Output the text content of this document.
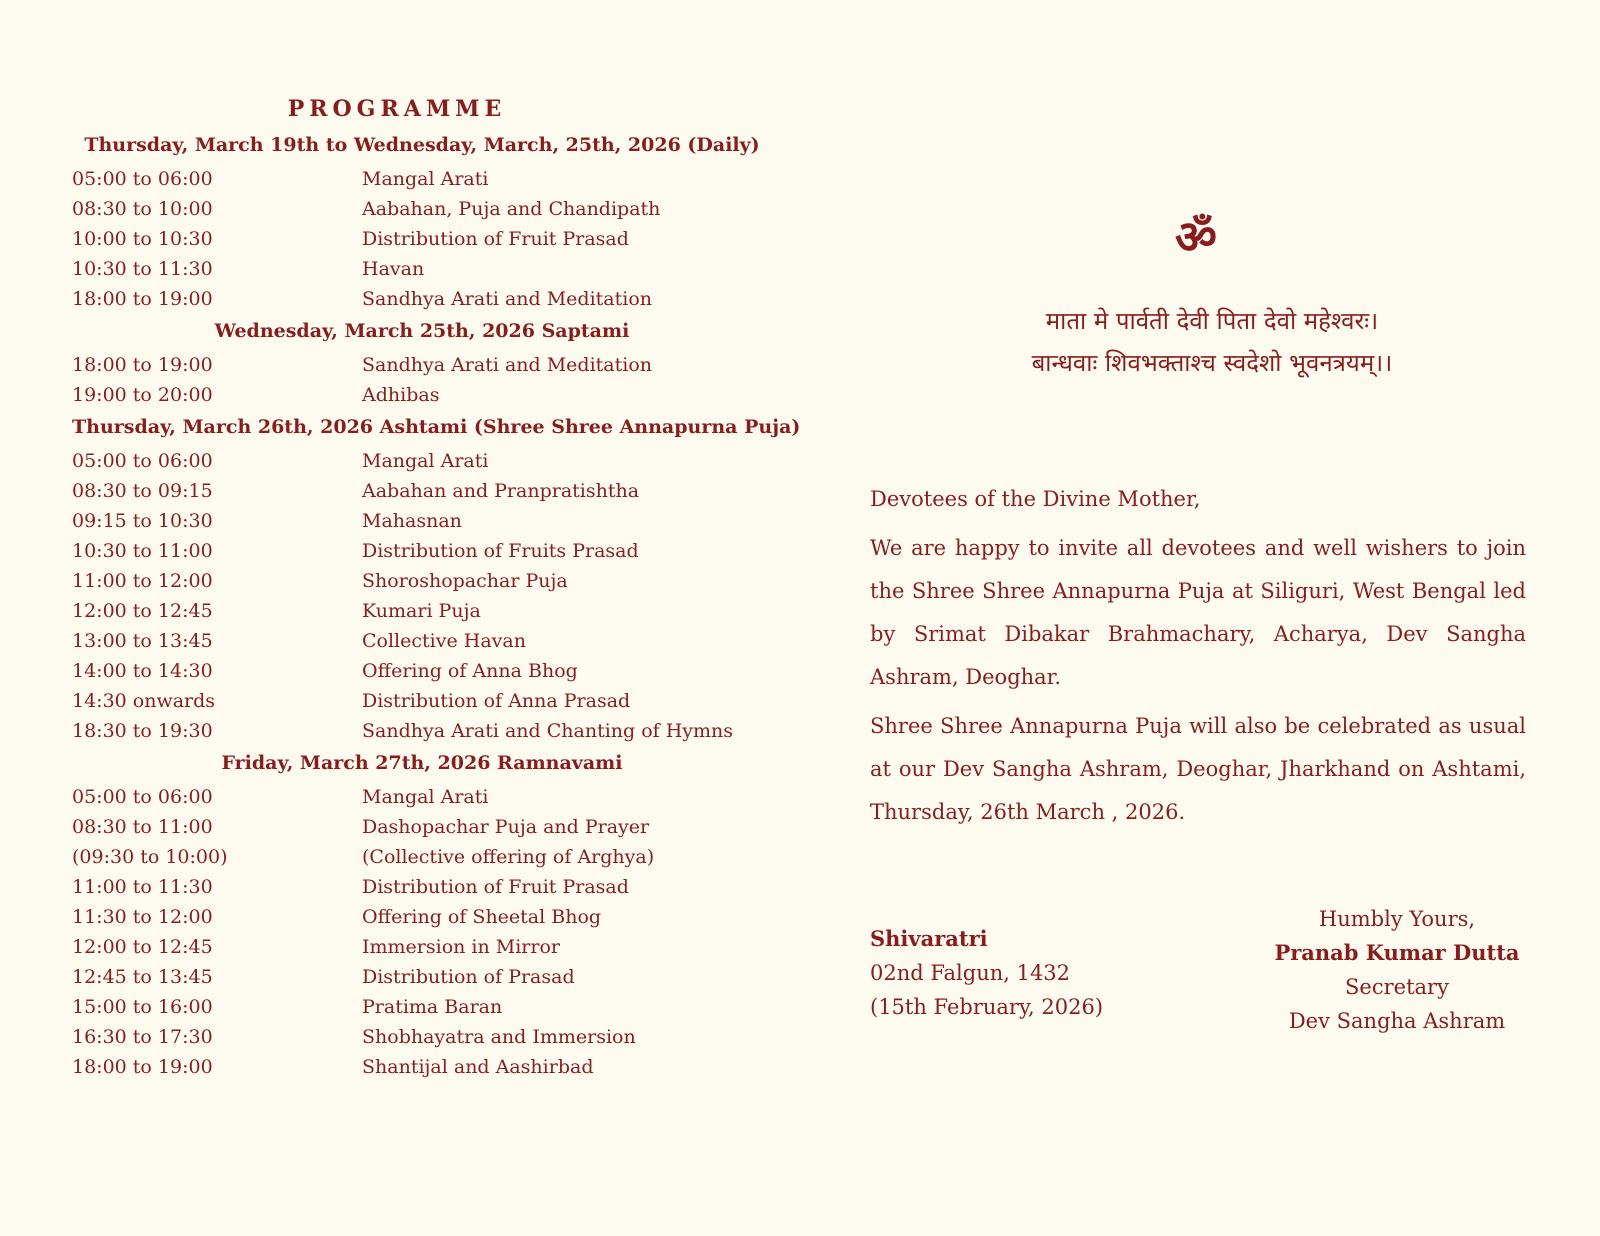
PROGRAMME
Thursday, March 19th to Wednesday, March, 25th, 2026 (Daily)
05:00 to 06:00	Mangal Arati
08:30 to 10:00	Aabahan, Puja and Chandipath
10:00 to 10:30	Distribution of Fruit Prasad
10:30 to 11:30	Havan
18:00 to 19:00	Sandhya Arati and Meditation
Wednesday, March 25th, 2026 Saptami
18:00 to 19:00	Sandhya Arati and Meditation
19:00 to 20:00	Adhibas
Thursday, March 26th, 2026 Ashtami (Shree Shree Annapurna Puja)
05:00 to 06:00	Mangal Arati
08:30 to 09:15	Aabahan and Pranpratishtha
09:15 to 10:30	Mahasnan
10:30 to 11:00	Distribution of Fruits Prasad
11:00 to 12:00	Shoroshopachar Puja
12:00 to 12:45	Kumari Puja
13:00 to 13:45	Collective Havan
14:00 to 14:30	Offering of Anna Bhog
14:30 onwards	Distribution of Anna Prasad
18:30 to 19:30	Sandhya Arati and Chanting of Hymns
Friday, March 27th, 2026 Ramnavami
05:00 to 06:00	Mangal Arati
08:30 to 11:00	Dashopachar Puja and Prayer
(09:30 to 10:00)	(Collective offering of Arghya)
11:00 to 11:30	Distribution of Fruit Prasad
11:30 to 12:00	Offering of Sheetal Bhog
12:00 to 12:45	Immersion in Mirror
12:45 to 13:45	Distribution of Prasad
15:00 to 16:00	Pratima Baran
16:30 to 17:30	Shobhayatra and Immersion
18:00 to 19:00	Shantijal and Aashirbad
ॐ
माता मे पार्वती देवी पिता देवो महेश्वरः।
बान्धवाः शिवभक्ताश्च स्वदेशो भूवनत्रयम्।।

Devotees of the Divine Mother,

We are happy to invite all devotees and well wishers to join the Shree Shree Annapurna Puja at Siliguri, West Bengal led by Srimat Dibakar Brahmachary, Acharya, Dev Sangha Ashram, Deoghar.

Shree Shree Annapurna Puja will also be celebrated as usual at our Dev Sangha Ashram, Deoghar, Jharkhand on Ashtami, Thursday, 26th March , 2026.

Shivaratri
02nd Falgun, 1432
(15th February, 2026)
Humbly Yours,
Pranab Kumar Dutta
Secretary
Dev Sangha Ashram
